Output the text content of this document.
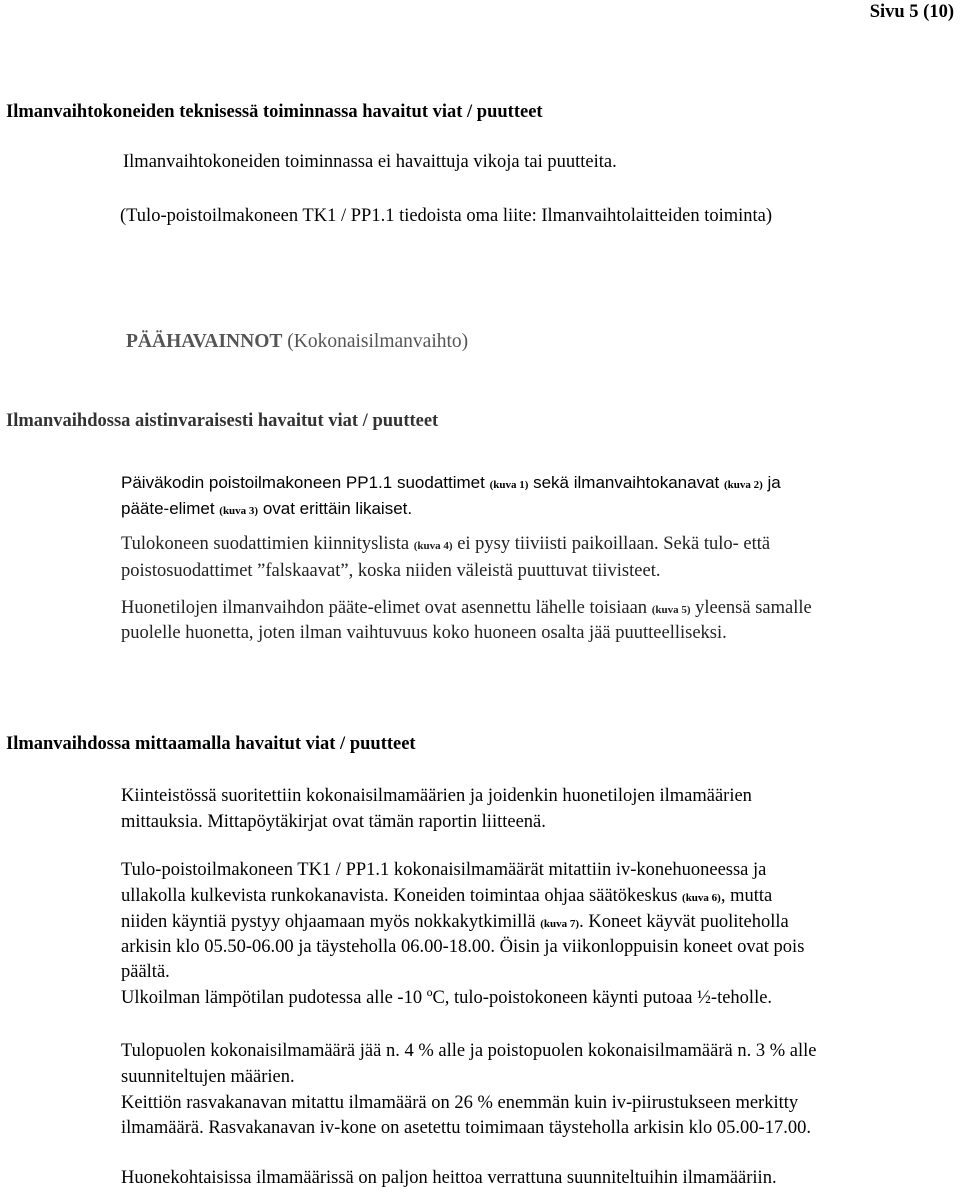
Sivu 5 (10)
Ilmanvaihtokoneiden teknisessä toiminnassa havaitut viat / puutteet
Ilmanvaihtokoneiden toiminnassa ei havaittuja vikoja tai puutteita.
(Tulo-poistoilmakoneen TK1 / PP1.1 tiedoista oma liite: Ilmanvaihtolaitteiden toiminta)
PÄÄHAVAINNOT (Kokonaisilmanvaihto)
Ilmanvaihdossa aistinvaraisesti havaitut viat / puutteet
Päiväkodin poistoilmakoneen PP1.1 suodattimet (kuva 1) sekä ilmanvaihtokanavat (kuva 2) ja
pääte-elimet (kuva 3) ovat erittäin likaiset.
Tulokoneen suodattimien kiinnityslista (kuva 4) ei pysy tiiviisti paikoillaan. Sekä tulo- että
poistosuodattimet ”falskaavat”, koska niiden väleistä puuttuvat tiivisteet.
Huonetilojen ilmanvaihdon pääte-elimet ovat asennettu lähelle toisiaan (kuva 5) yleensä samalle
puolelle huonetta, joten ilman vaihtuvuus koko huoneen osalta jää puutteelliseksi.
Ilmanvaihdossa mittaamalla havaitut viat / puutteet
Kiinteistössä suoritettiin kokonaisilmamäärien ja joidenkin huonetilojen ilmamäärien
mittauksia. Mittapöytäkirjat ovat tämän raportin liitteenä.
Tulo-poistoilmakoneen TK1 / PP1.1 kokonaisilmamäärät mitattiin iv-konehuoneessa ja
ullakolla kulkevista runkokanavista. Koneiden toimintaa ohjaa säätökeskus (kuva 6), mutta
niiden käyntiä pystyy ohjaamaan myös nokkakytkimillä (kuva 7). Koneet käyvät puoliteholla
arkisin klo 05.50-06.00 ja täysteholla 06.00-18.00. Öisin ja viikonloppuisin koneet ovat pois
päältä.
Ulkoilman lämpötilan pudotessa alle -10 ºC, tulo-poistokoneen käynti putoaa ½-teholle.
Tulopuolen kokonaisilmamäärä jää n. 4 % alle ja poistopuolen kokonaisilmamäärä n. 3 % alle
suunniteltujen määrien.
Keittiön rasvakanavan mitattu ilmamäärä on 26 % enemmän kuin iv-piirustukseen merkitty
ilmamäärä. Rasvakanavan iv-kone on asetettu toimimaan täysteholla arkisin klo 05.00-17.00.
Huonekohtaisissa ilmamäärissä on paljon heittoa verrattuna suunniteltuihin ilmamääriin.
